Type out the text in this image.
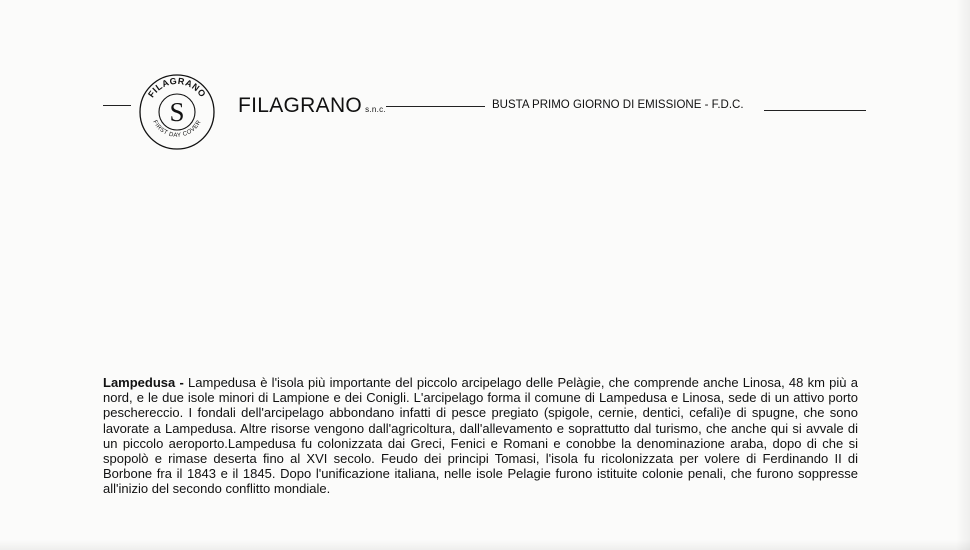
FILAGRANO
FIRST DAY COVER
S	FILAGRANO s.n.c.	BUSTA PRIMO GIORNO DI EMISSIONE - F.D.C.

Lampedusa - Lampedusa è l'isola più importante del piccolo arcipelago delle Pelàgie, che comprende anche Linosa, 48 km più a nord, e le due isole minori di Lampione e dei Conigli. L'arcipelago forma il comune di Lampedusa e Linosa, sede di un attivo porto peschereccio. I fondali dell'arcipelago abbondano infatti di pesce pregiato (spigole, cernie, dentici, cefali)e di spugne, che sono lavorate a Lampedusa. Altre risorse vengono dall'agricoltura, dall'allevamento e soprattutto dal turismo, che anche qui si avvale di un piccolo aeroporto.Lampedusa fu colonizzata dai Greci, Fenici e Romani e conobbe la denominazione araba, dopo di che si spopolò e rimase deserta fino al XVI secolo. Feudo dei principi Tomasi, l'isola fu ricolonizzata per volere di Ferdinando II di Borbone fra il 1843 e il 1845. Dopo l'unificazione italiana, nelle isole Pelagie furono istituite colonie penali, che furono soppresse all'inizio del secondo conflitto mondiale.
